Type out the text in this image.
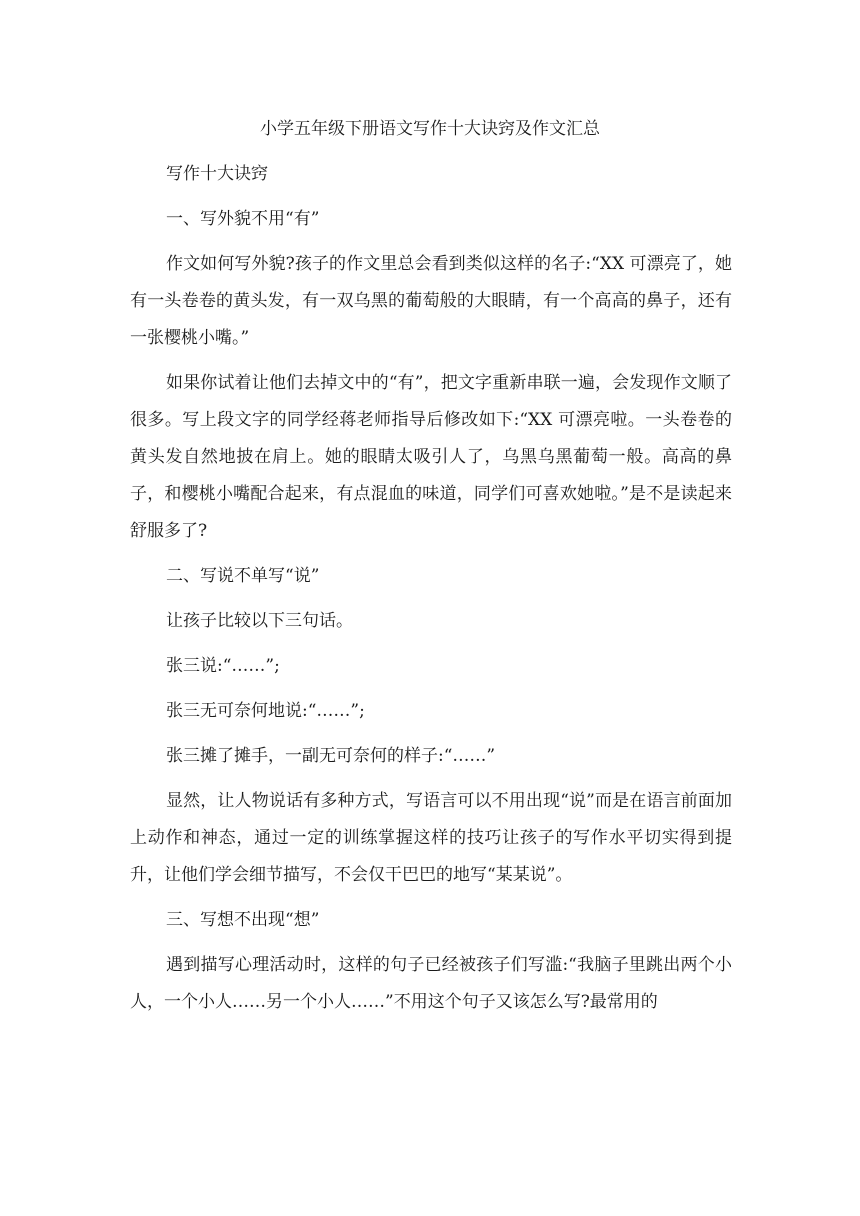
小学五年级下册语文写作十大诀窍及作文汇总

写作十大诀窍

一、写外貌不用“有”

作文如何写外貌?孩子的作文里总会看到类似这样的名子:“XX 可漂亮了，她有一头卷卷的黄头发，有一双乌黑的葡萄般的大眼睛，有一个高高的鼻子，还有一张樱桃小嘴。”

如果你试着让他们去掉文中的“有”，把文字重新串联一遍，会发现作文顺了很多。写上段文字的同学经蒋老师指导后修改如下:“XX 可漂亮啦。一头卷卷的黄头发自然地披在肩上。她的眼睛太吸引人了，乌黑乌黑葡萄一般。高高的鼻子，和樱桃小嘴配合起来，有点混血的味道，同学们可喜欢她啦。”是不是读起来舒服多了?

二、写说不单写“说”

让孩子比较以下三句话。

张三说:“……”;

张三无可奈何地说:“……”;

张三摊了摊手，一副无可奈何的样子:“……”

显然，让人物说话有多种方式，写语言可以不用出现“说”而是在语言前面加上动作和神态，通过一定的训练掌握这样的技巧让孩子的写作水平切实得到提升，让他们学会细节描写，不会仅干巴巴的地写“某某说”。

三、写想不出现“想”

遇到描写心理活动时，这样的句子已经被孩子们写滥:“我脑子里跳出两个小人，一个小人……另一个小人……”不用这个句子又该怎么写?最常用的
